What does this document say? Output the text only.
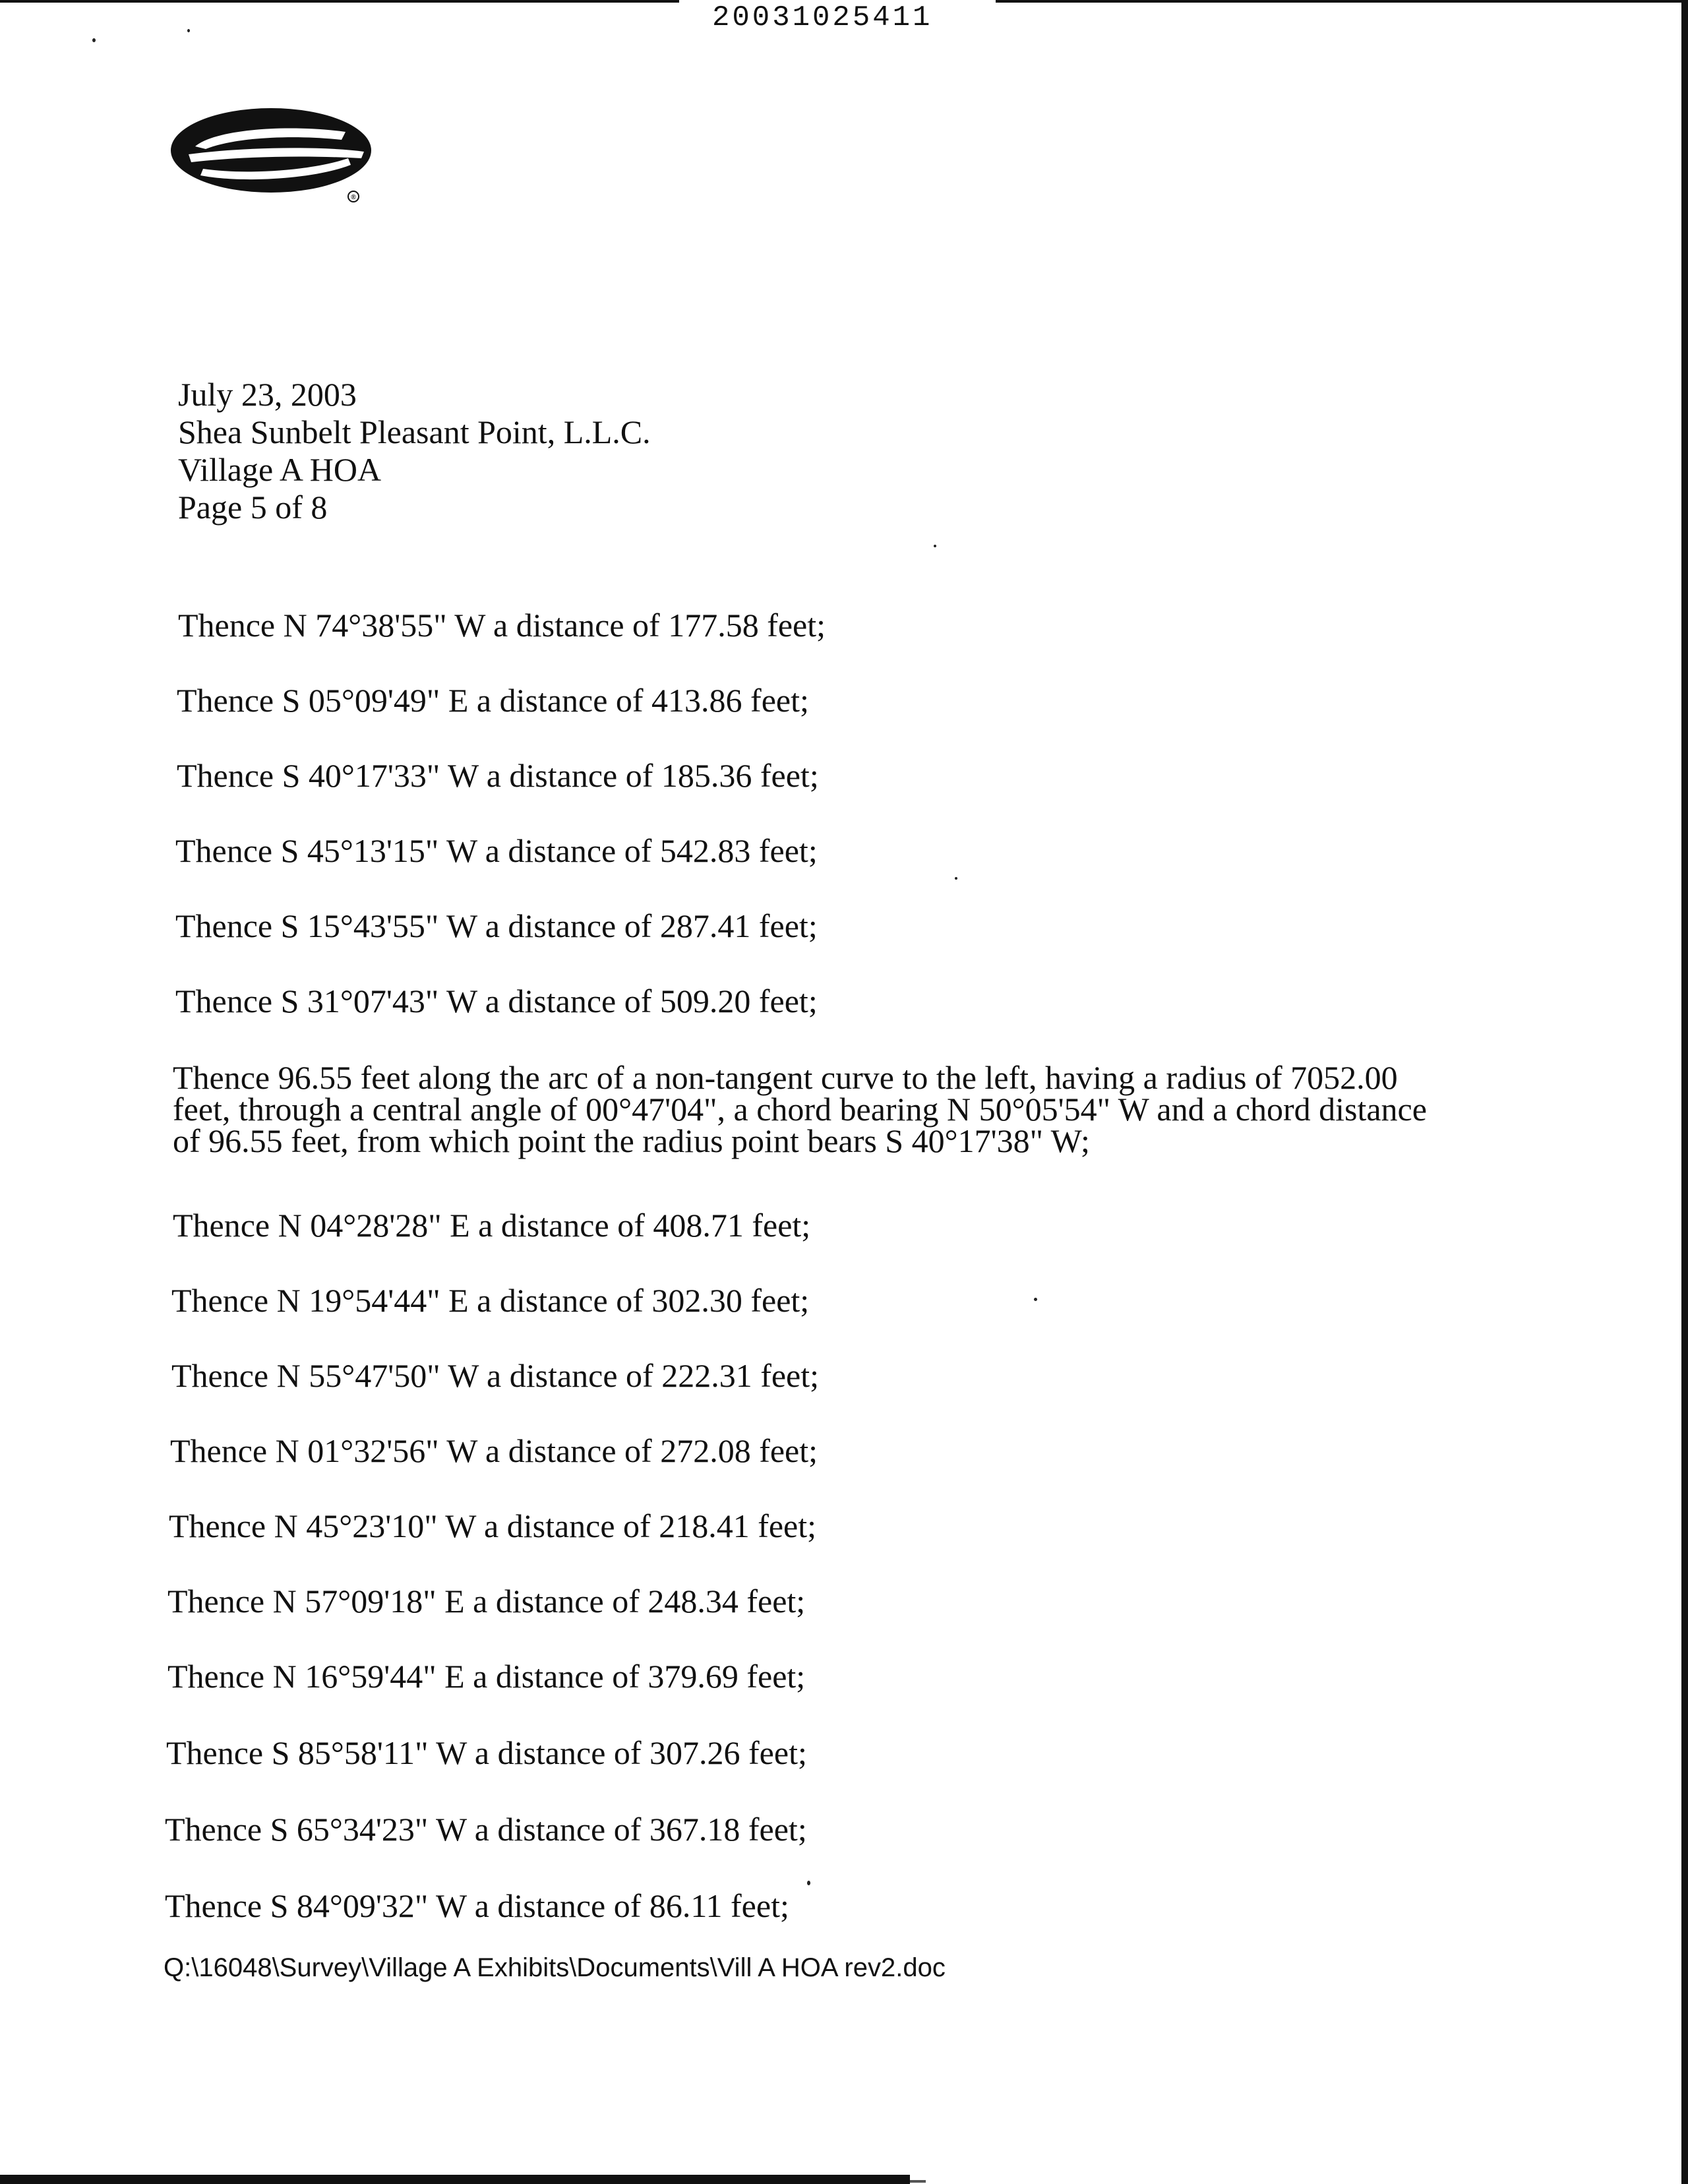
20031025411
®
July 23, 2003
Shea Sunbelt Pleasant Point, L.L.C.
Village A HOA
Page 5 of 8
Thence N 74°38'55" W a distance of 177.58 feet;
Thence S 05°09'49" E a distance of 413.86 feet;
Thence S 40°17'33" W a distance of 185.36 feet;
Thence S 45°13'15" W a distance of 542.83 feet;
Thence S 15°43'55" W a distance of 287.41 feet;
Thence S 31°07'43" W a distance of 509.20 feet;
Thence 96.55 feet along the arc of a non-tangent curve to the left, having a radius of 7052.00
feet, through a central angle of 00°47'04", a chord bearing N 50°05'54" W and a chord distance
of 96.55 feet, from which point the radius point bears S 40°17'38" W;
Thence N 04°28'28" E a distance of 408.71 feet;
Thence N 19°54'44" E a distance of 302.30 feet;
Thence N 55°47'50" W a distance of 222.31 feet;
Thence N 01°32'56" W a distance of 272.08 feet;
Thence N 45°23'10" W a distance of 218.41 feet;
Thence N 57°09'18" E a distance of 248.34 feet;
Thence N 16°59'44" E a distance of 379.69 feet;
Thence S 85°58'11" W a distance of 307.26 feet;
Thence S 65°34'23" W a distance of 367.18 feet;
Thence S 84°09'32" W a distance of 86.11 feet;
Q:\16048\Survey\Village A Exhibits\Documents\Vill A HOA rev2.doc
